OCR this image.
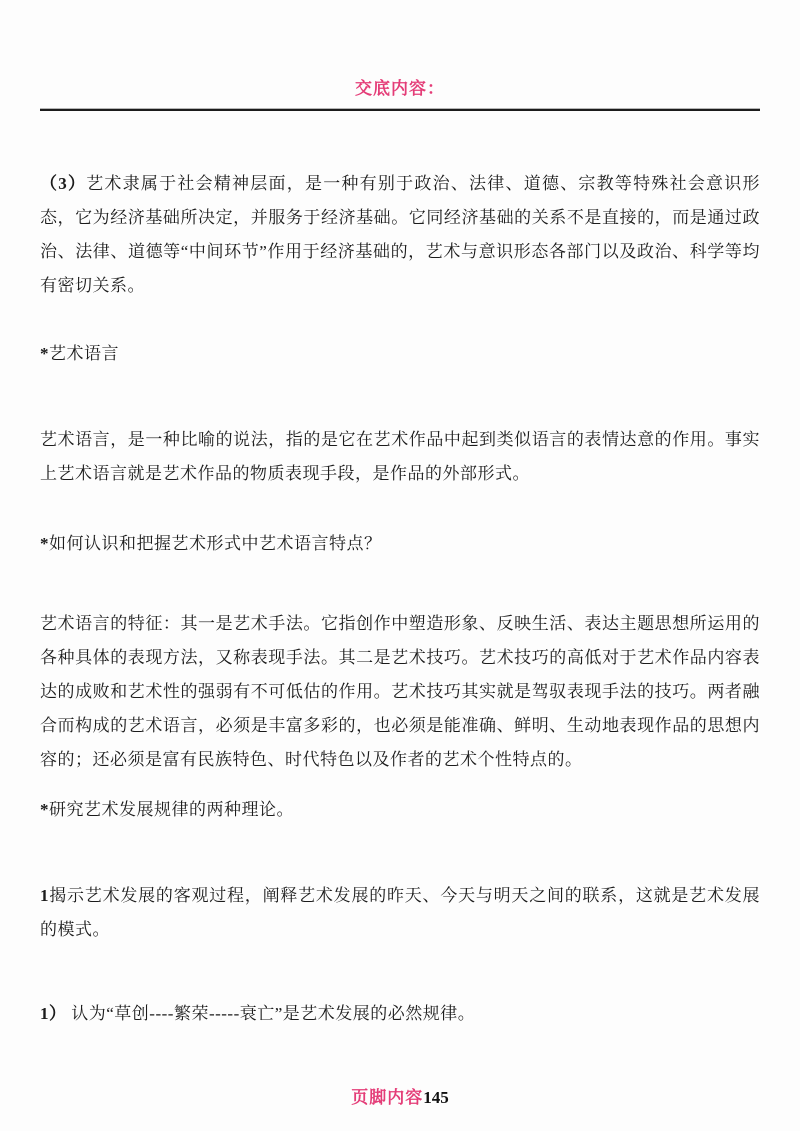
交底内容：

（3）艺术隶属于社会精神层面，是一种有别于政治、法律、道德、宗教等特殊社会意识形态，它为经济基础所决定，并服务于经济基础。它同经济基础的关系不是直接的，而是通过政治、法律、道德等“中间环节”作用于经济基础的，艺术与意识形态各部门以及政治、科学等均有密切关系。

*艺术语言

艺术语言，是一种比喻的说法，指的是它在艺术作品中起到类似语言的表情达意的作用。事实上艺术语言就是艺术作品的物质表现手段，是作品的外部形式。

*如何认识和把握艺术形式中艺术语言特点？

艺术语言的特征：其一是艺术手法。它指创作中塑造形象、反映生活、表达主题思想所运用的各种具体的表现方法，又称表现手法。其二是艺术技巧。艺术技巧的高低对于艺术作品内容表达的成败和艺术性的强弱有不可低估的作用。艺术技巧其实就是驾驭表现手法的技巧。两者融合而构成的艺术语言，必须是丰富多彩的，也必须是能准确、鲜明、生动地表现作品的思想内容的；还必须是富有民族特色、时代特色以及作者的艺术个性特点的。

*研究艺术发展规律的两种理论。

1揭示艺术发展的客观过程，阐释艺术发展的昨天、今天与明天之间的联系，这就是艺术发展的模式。

1） 认为“草创----繁荣-----衰亡”是艺术发展的必然规律。

页脚内容145
